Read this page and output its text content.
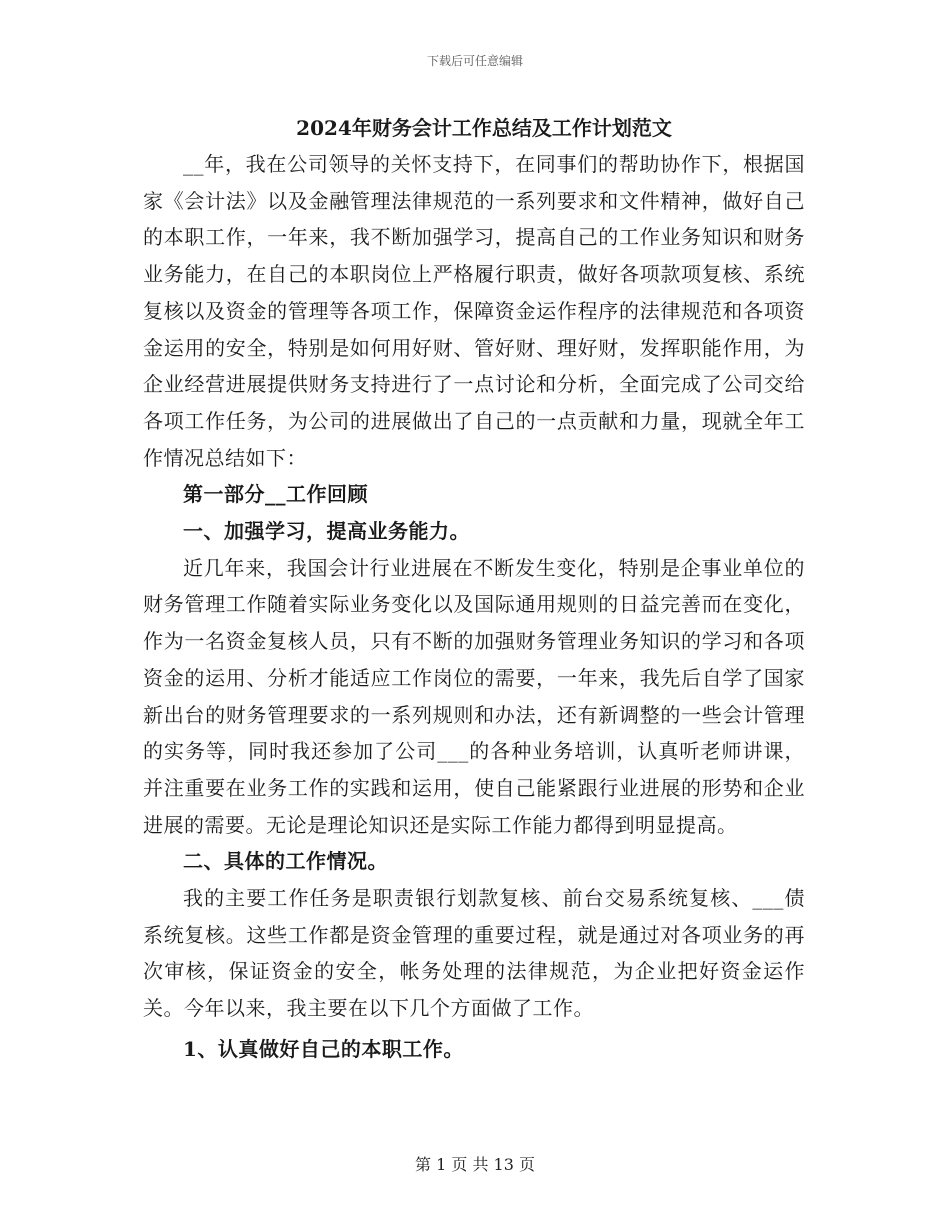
下载后可任意编辑
2024年财务会计工作总结及工作计划范文

__年，我在公司领导的关怀支持下，在同事们的帮助协作下，根据国家《会计法》以及金融管理法律规范的一系列要求和文件精神，做好自己的本职工作，一年来，我不断加强学习，提高自己的工作业务知识和财务业务能力，在自己的本职岗位上严格履行职责，做好各项款项复核、系统复核以及资金的管理等各项工作，保障资金运作程序的法律规范和各项资金运用的安全，特别是如何用好财、管好财、理好财，发挥职能作用，为企业经营进展提供财务支持进行了一点讨论和分析，全面完成了公司交给各项工作任务，为公司的进展做出了自己的一点贡献和力量，现就全年工作情况总结如下：

第一部分__工作回顾

一、加强学习，提高业务能力。

近几年来，我国会计行业进展在不断发生变化，特别是企事业单位的财务管理工作随着实际业务变化以及国际通用规则的日益完善而在变化，作为一名资金复核人员，只有不断的加强财务管理业务知识的学习和各项资金的运用、分析才能适应工作岗位的需要，一年来，我先后自学了国家新出台的财务管理要求的一系列规则和办法，还有新调整的一些会计管理的实务等，同时我还参加了公司___的各种业务培训，认真听老师讲课，并注重要在业务工作的实践和运用，使自己能紧跟行业进展的形势和企业进展的需要。无论是理论知识还是实际工作能力都得到明显提高。

二、具体的工作情况。

我的主要工作任务是职责银行划款复核、前台交易系统复核、___债系统复核。这些工作都是资金管理的重要过程，就是通过对各项业务的再次审核，保证资金的安全，帐务处理的法律规范，为企业把好资金运作关。今年以来，我主要在以下几个方面做了工作。

1、认真做好自己的本职工作。

第 1 页 共 13 页
